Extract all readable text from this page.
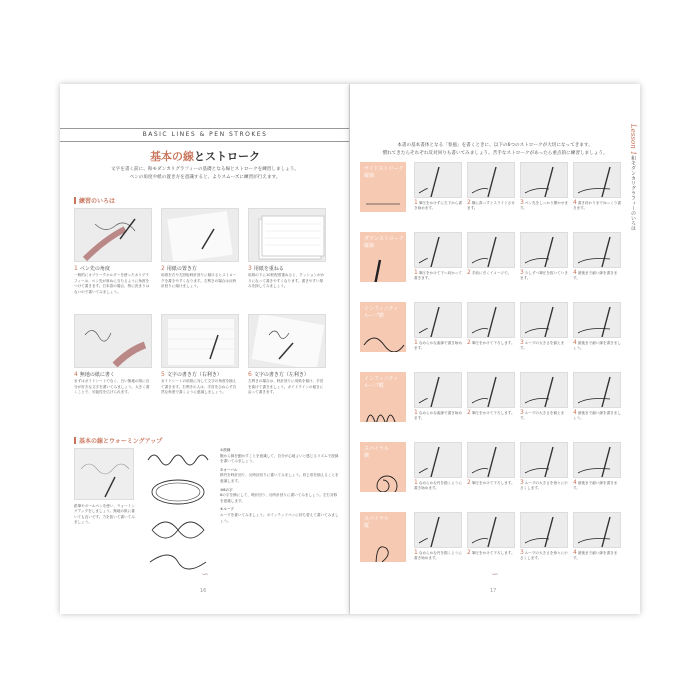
BASIC LINES & PEN STROKES
基本の線とストローク
文字を書く前に、和モダンカリグラフィーの基礎となる線とストロークを練習しましょう。
ペンの角度や紙の置き方を意識すると、よりスムーズに練習が行えます。
練習のいろは
1 ペン先の角度
一般的にオブリークホルダーを使ったカリグラフィーは、ペン先が斜めに当たるように角度をつけて書きます。日本語の場合、特に決まりはないので書いてみましょう。
2 用紙の置き方
用紙を右や左回転時計回りに傾けるとストロークを書きやすくなります。左利きの場合は反時計回りに傾けましょう。
3 用紙を重ねる
用紙の下に10枚程度重ねると、クッションがわりになって書きやすくなります。書きやすい厚みを探してみましょう。
4 無地の紙に書く
まずはガイドシートでなく、白い無地の紙に自分が好きな文字を書いてみましょう。大きく書くことで、可能性を広げられます。
5 文字の書き方（右利き）
ガイドシートの用紙に対して文字の角度を揃えて書きます。右利きの人は、手首をひねらず自然な角度で書くように意識しましょう。
6 文字の書き方（左利き）
左利きの場合は、時計回りに用紙を傾け、手首を曲げて書きましょう。ガイドラインの傾きに沿って書きます。
基本の線とウォーミングアップ
鉛筆やボールペンを使い、ウォーミングアップをしましょう。無地の紙に書いても良いです。力を抜いて書いてみましょう。
①波線
腕から線を動かすことを意識して、自分が心地よいと感じるリズムで波線を書いてみましょう。
②オーバル
楕円を時計回り、反時計回りに書いてみましょう。同じ形を揃えることを意識します。
③8の字
8の字を横にして、時計回り、反時計回りに書いてみましょう。左右対称を意識します。
④ループ
ループを書いてみましょう。ポインテッドペンに持ち替えて書いてみましょう。
∽
16
本書の基本書体となる「春風」を書くときに、以下の6つのストロークが大切になってきます。
慣れてきたらそれぞれ反対回りも書いてみましょう。苦手なストロークがあったら重点的に練習しましょう。	Lesson 1和モダンカリグラフィーのいろは
サイドストローク
縦線
1筆圧をかけずに左下から書き始めます。
2横に真っすぐスライドさせます。
3ペン先をしっかり開かせます。
4書き終わりまでゆっくり書きます。
ダウンストローク
縦線
1筆圧をかけて下へ向かって書きます。
2手前に引くイメージで。	3少しずつ筆圧を抜いていきます。
4最後まで細い線を書きます。
インフィニティ
ループ横
1なめらかな曲線で書き始めます。
2筆圧をかけて下ろします。 3ループの大きさを揃えます。
4最後まで細い線を書きましょう。
インフィニティ
ループ縦
1なめらかな曲線で書き始めます。
2筆圧をかけて下ろします。 3ループの大きさを揃えます。
4最後まで細い線を書きましょう。
スパイラル
横
1なめらかな円を描くように書き始めます。
2筆圧をかけて下ろします。 3ループの大きさを徐々に小さくします。
4最後まで細い線を書きます。
スパイラル
縦
1なめらかな円を描くように書き始めます。
2筆圧をかけて下ろします。 3ループの大きさを徐々に小さくします。
4最後まで細い線を書きます。
∽
17
